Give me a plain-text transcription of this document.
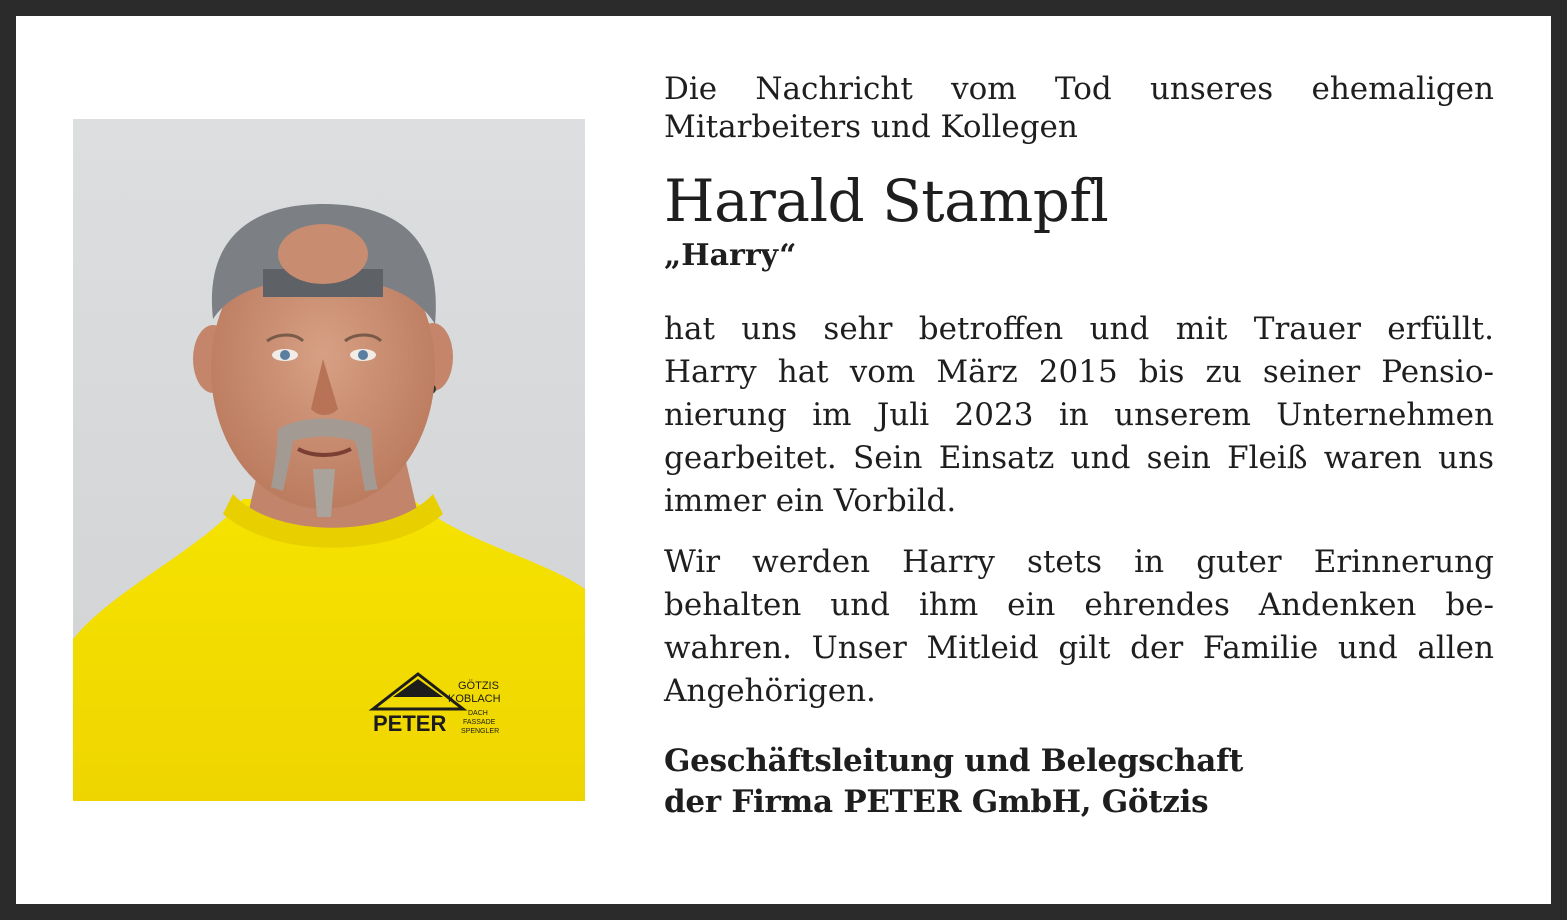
PETER
GÖTZIS
KOBLACH
DACH
FASSADE
SPENGLER

Die Nachricht vom Tod unseres ehemaligen
Mitarbeiters und Kollegen

Harald Stampfl

„Harry“

hat uns sehr betroffen und mit Trauer erfüllt.
Harry hat vom März 2015 bis zu seiner Pensio-
nierung im Juli 2023 in unserem Unternehmen
gearbeitet. Sein Einsatz und sein Fleiß waren uns
immer ein Vorbild.

Wir werden Harry stets in guter Erinnerung
behalten und ihm ein ehrendes Andenken be-
wahren. Unser Mitleid gilt der Familie und allen
Angehörigen.

Geschäftsleitung und Belegschaft
der Firma PETER GmbH, Götzis
